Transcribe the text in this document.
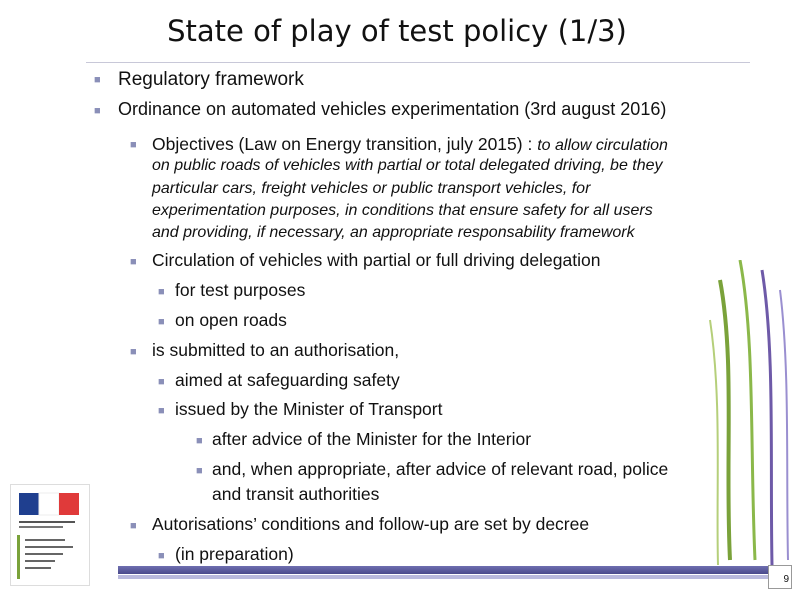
State of play of test policy (1/3)
■ Regulatory framework
■ Ordinance on automated vehicles experimentation (3rd august 2016)
■ Objectives (Law on Energy transition, july 2015) : to allow circulation
on public roads of vehicles with partial or total delegated driving, be they
particular cars, freight vehicles or public transport vehicles, for
experimentation purposes, in conditions that ensure safety for all users
and providing, if necessary, an appropriate responsability framework
■ Circulation of vehicles with partial or full driving delegation
■ for test purposes
■ on open roads
■ is submitted to an authorisation,
■ aimed at safeguarding safety
■ issued by the Minister of Transport
■ after advice of the Minister for the Interior
■ and, when appropriate, after advice of relevant road, police
and transit authorities
■ Autorisations’ conditions and follow-up are set by decree
■ (in preparation)
9
